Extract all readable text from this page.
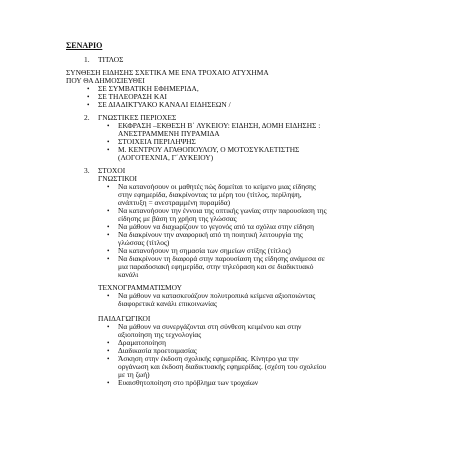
ΣΕΝΑΡΙΟ
1. ΤΙΤΛΟΣ
ΣΥΝΘΕΣΗ ΕΙΔΗΣΗΣ ΣΧΕΤΙΚΑ ΜΕ ΕΝΑ ΤΡΟΧΑΙΟ ΑΤΥΧΗΜΑ
ΠΟΥ ΘΑ ΔΗΜΟΣΙΕΥΘΕΙ
• ΣΕ ΣΥΜΒΑΤΙΚΗ ΕΦΗΜΕΡΙΔΑ,
• ΣΕ ΤΗΛΕΟΡΑΣΗ ΚΑΙ
• ΣΕ ΔΙΑΔΙΚΤΥΑΚΟ ΚΑΝΑΛΙ ΕΙΔΗΣΕΩΝ /
2. ΓΝΩΣΤΙΚΕΣ ΠΕΡΙΟΧΕΣ
• ΕΚΦΡΑΣΗ –ΕΚΘΕΣΗ Β΄ ΛΥΚΕΙΟΥ: ΕΙΔΗΣΗ, ΔΟΜΗ ΕΙΔΗΣΗΣ :
ΑΝΕΣΤΡΑΜΜΕΝΗ ΠΥΡΑΜΙΔΑ
• ΣΤΟΙΧΕΙΑ ΠΕΡΙΛΗΨΗΣ
• Μ. ΚΕΝΤΡΟΥ ΑΓΑΘΟΠΟΥΛΟΥ, Ο ΜΟΤΟΣΥΚΛΕΤΙΣΤΗΣ
(ΛΟΓΟΤΕΧΝΙΑ, Γ΄ΛΥΚΕΙΟΥ)
3. ΣΤΟΧΟΙ
ΓΝΩΣΤΙΚΟΙ
• Να κατανοήσουν οι μαθητές πώς δομείται το κείμενο μιας είδησης
στην εφημερίδα, διακρίνοντας τα μέρη του (τίτλος, περίληψη,
ανάπτυξη = ανεστραμμένη πυραμίδα)
• Να κατανοήσουν την έννοια της οπτικής γωνίας στην παρουσίαση της
είδησης με βάση τη χρήση της γλώσσας
• Να μάθουν να διαχωρίζουν το γεγονός από τα σχόλια στην είδηση
• Να διακρίνουν την αναφορική από τη ποιητική λειτουργία της
γλώσσας (τίτλος)
• Να κατανοήσουν τη σημασία των σημείων στίξης (τίτλος)
• Να διακρίνουν τη διαφορά στην παρουσίαση της είδησης ανάμεσα σε
μια παραδοσιακή εφημερίδα, στην τηλεόραση και σε διαδικτυακό
κανάλι
ΤΕΧΝΟΓΡΑΜΜΑΤΙΣΜΟΥ
• Να μάθουν να κατασκευάζουν πολυτροπικά κείμενα αξιοποιώντας
διαφορετικά κανάλι επικοινωνίας
ΠΑΙΔΑΓΩΓΙΚΟΙ
• Να μάθουν να συνεργάζονται στη σύνθεση κειμένου και στην
αξιοποίηση της τεχνολογίας
• Δραματοποίηση
• Διαδικασία προετοιμασίας
• Άσκηση στην έκδοση σχολικής εφημερίδας. Κίνητρο για την
οργάνωση και έκδοση διαδικτυακής εφημερίδας. (σχέση του σχολείου
με τη ζωή)
• Ευαισθητοποίηση στο πρόβλημα των τροχαίων
